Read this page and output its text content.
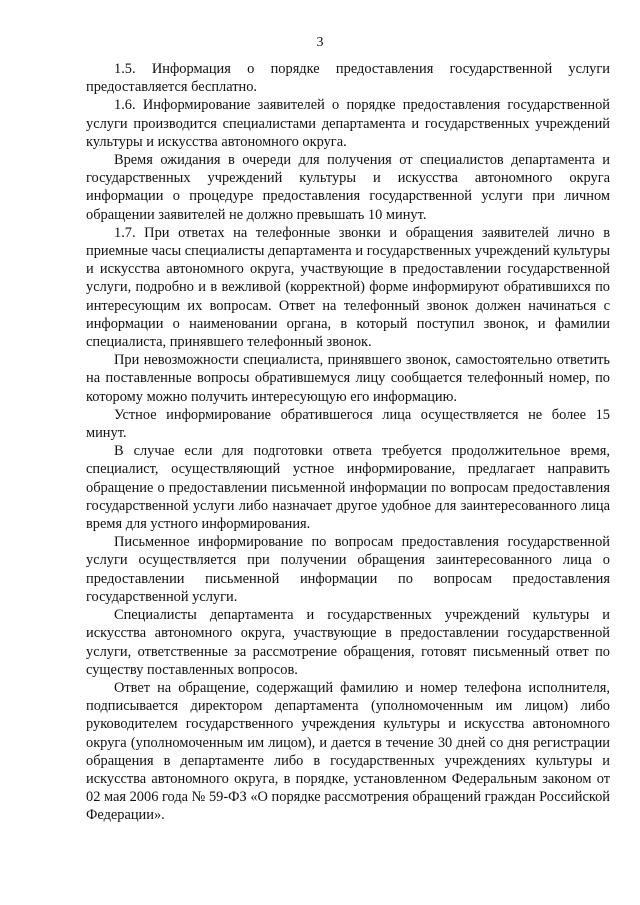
3

1.5. Информация о порядке предоставления государственной услуги предоставляется бесплатно.

1.6. Информирование заявителей о порядке предоставления государственной услуги производится специалистами департамента и государственных учреждений культуры и искусства автономного округа.

Время ожидания в очереди для получения от специалистов департамента и государственных учреждений культуры и искусства автономного округа информации о процедуре предоставления государственной услуги при личном обращении заявителей не должно превышать 10 минут.

1.7. При ответах на телефонные звонки и обращения заявителей лично в приемные часы специалисты департамента и государственных учреждений культуры и искусства автономного округа, участвующие в предоставлении государственной услуги, подробно и в вежливой (корректной) форме информируют обратившихся по интересующим их вопросам. Ответ на телефонный звонок должен начинаться с информации о наименовании органа, в который поступил звонок, и фамилии специалиста, принявшего телефонный звонок.

При невозможности специалиста, принявшего звонок, самостоятельно ответить на поставленные вопросы обратившемуся лицу сообщается телефонный номер, по которому можно получить интересующую его информацию.

Устное информирование обратившегося лица осуществляется не более 15 минут.

В случае если для подготовки ответа требуется продолжительное время, специалист, осуществляющий устное информирование, предлагает направить обращение о предоставлении письменной информации по вопросам предоставления государственной услуги либо назначает другое удобное для заинтересованного лица время для устного информирования.

Письменное информирование по вопросам предоставления государственной услуги осуществляется при получении обращения заинтересованного лица о предоставлении письменной информации по вопросам предоставления государственной услуги.

Специалисты департамента и государственных учреждений культуры и искусства автономного округа, участвующие в предоставлении государственной услуги, ответственные за рассмотрение обращения, готовят письменный ответ по существу поставленных вопросов.

Ответ на обращение, содержащий фамилию и номер телефона исполнителя, подписывается директором департамента (уполномоченным им лицом) либо руководителем государственного учреждения культуры и искусства автономного округа (уполномоченным им лицом), и дается в течение 30 дней со дня регистрации обращения в департаменте либо в государственных учреждениях культуры и искусства автономного округа, в порядке, установленном Федеральным законом от 02 мая 2006 года № 59-ФЗ «О порядке рассмотрения обращений граждан Российской Федерации».
